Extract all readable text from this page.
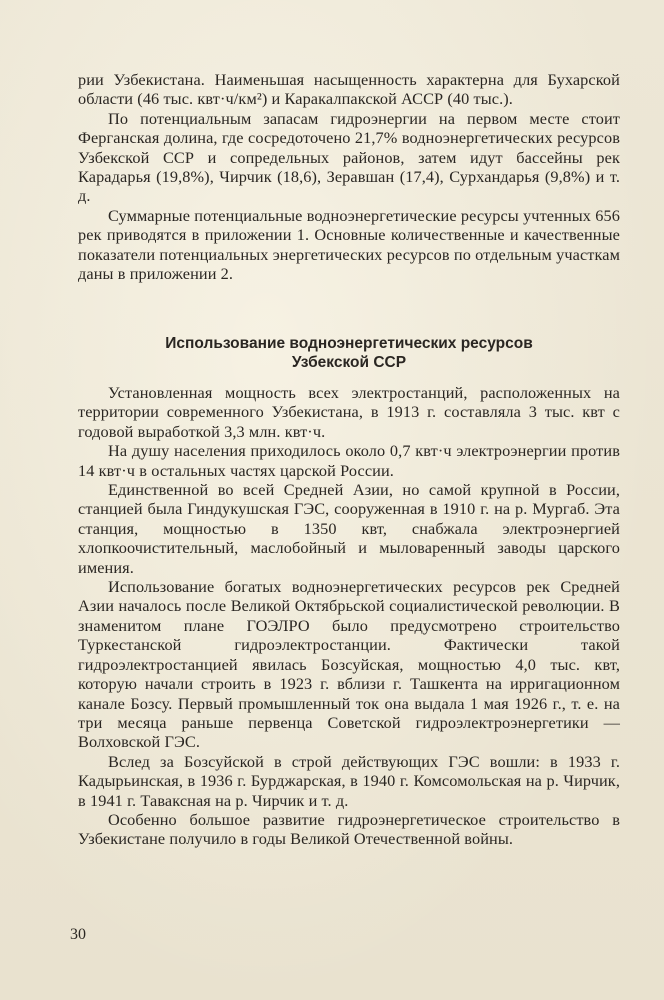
рии Узбекистана. Наименьшая насыщенность характерна для Бухарской области (46 тыс. квт·ч/км²) и Каракалпакской АССР (40 тыс.).

По потенциальным запасам гидроэнергии на первом месте стоит Ферганская долина, где сосредоточено 21,7% водноэнергетических ресурсов Узбекской ССР и сопредельных районов, затем идут бассейны рек Карадарья (19,8%), Чирчик (18,6), Зеравшан (17,4), Сурхандарья (9,8%) и т. д.

Суммарные потенциальные водноэнергетические ресурсы учтенных 656 рек приводятся в приложении 1. Основные количественные и качественные показатели потенциальных энергетических ресурсов по отдельным участкам даны в приложении 2.

Использование водноэнергетических ресурсов
Узбекской ССР

Установленная мощность всех электростанций, расположенных на территории современного Узбекистана, в 1913 г. составляла 3 тыс. квт с годовой выработкой 3,3 млн. квт·ч.

На душу населения приходилось около 0,7 квт·ч электроэнергии против 14 квт·ч в остальных частях царской России.

Единственной во всей Средней Азии, но самой крупной в России, станцией была Гиндукушская ГЭС, сооруженная в 1910 г. на р. Мургаб. Эта станция, мощностью в 1350 квт, снабжала электроэнергией хлопкоочистительный, маслобойный и мыловаренный заводы царского имения.

Использование богатых водноэнергетических ресурсов рек Средней Азии началось после Великой Октябрьской социалистической революции. В знаменитом плане ГОЭЛРО было предусмотрено строительство Туркестанской гидроэлектростанции. Фактически такой гидроэлектростанцией явилась Бозсуйская, мощностью 4,0 тыс. квт, которую начали строить в 1923 г. вблизи г. Ташкента на ирригационном канале Бозсу. Первый промышленный ток она выдала 1 мая 1926 г., т. е. на три месяца раньше первенца Советской гидроэлектроэнергетики — Волховской ГЭС.

Вслед за Бозсуйской в строй действующих ГЭС вошли: в 1933 г. Кадырьинская, в 1936 г. Бурджарская, в 1940 г. Комсомольская на р. Чирчик, в 1941 г. Таваксная на р. Чирчик и т. д.

Особенно большое развитие гидроэнергетическое строительство в Узбекистане получило в годы Великой Отечественной войны.

30
